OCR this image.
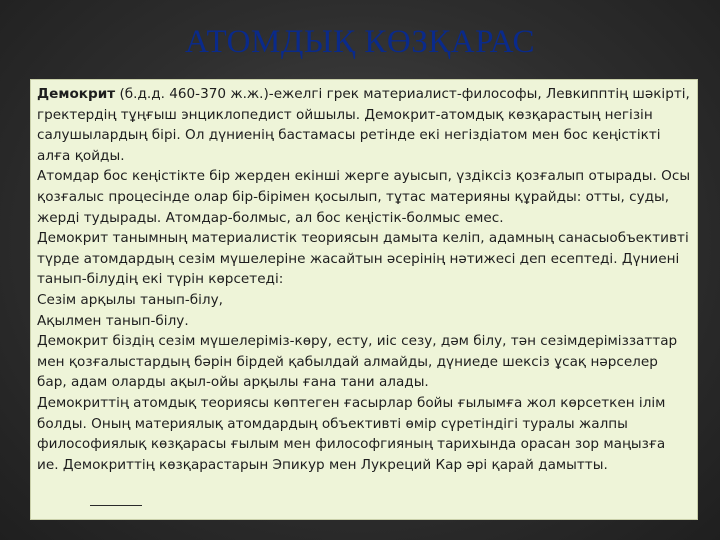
АТОМДЫҚ КӨЗҚАРАС

Демокрит (б.д.д. 460-370 ж.ж.)-ежелгі грек материалист-философы, Левкипптің шәкірті, гректердің тұңғыш энциклопедист ойшылы. Демокрит-атомдық көзқарастың негізін салушылардың бірі. Ол дүниенің бастамасы ретінде екі негіздіатом мен бос кеңістікті алға қойды.

Атомдар бос кеңістікте бір жерден екінші жерге ауысып, үздіксіз қозғалып отырады. Осы қозғалыс процесінде олар бір-бірімен қосылып, тұтас материяны құрайды: отты, суды, жерді тудырады. Атомдар-болмыс, ал бос кеңістік-болмыс емес.

Демокрит танымның материалистік теориясын дамыта келіп, адамның санасыобъективті түрде атомдардың сезім мүшелеріне жасайтын әсерінің нәтижесі деп есептеді. Дүниені танып-білудің екі түрін көрсетеді:

Сезім арқылы танып-білу,

Ақылмен танып-білу.

Демокрит біздің сезім мүшелеріміз-көру, есту, иіс сезу, дәм білу, тән сезімдеріміззаттар мен қозғалыстардың бәрін бірдей қабылдай алмайды, дүниеде шексіз ұсақ нәрселер бар, адам оларды ақыл-ойы арқылы ғана тани алады.

Демокриттің атомдық теориясы көптеген ғасырлар бойы ғылымға жол көрсеткен ілім болды. Оның материялық атомдардың объективті өмір сүретіндігі туралы жалпы философиялық көзқарасы ғылым мен философгияның тарихында орасан зор маңызға ие. Демокриттің көзқарастарын Эпикур мен Лукреций Кар әрі қарай дамытты.
